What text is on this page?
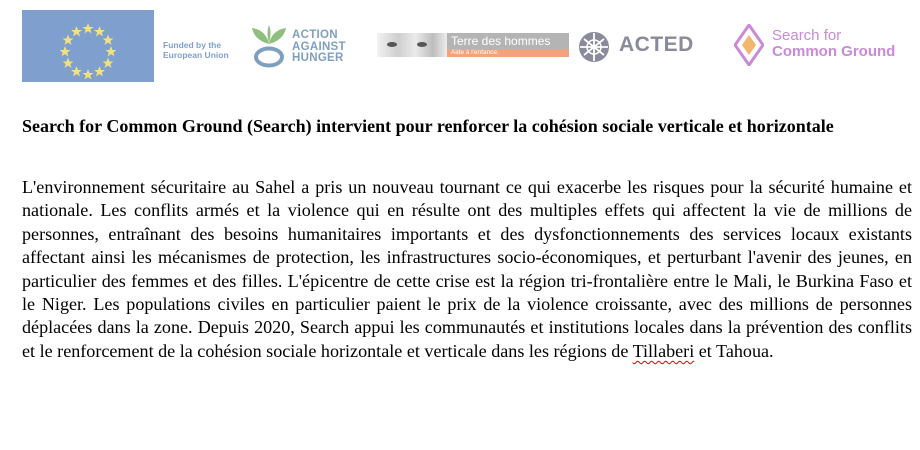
Funded by the European Union
ACTION
AGAINST
HUNGER
Terre des hommes
Aide à l'enfance.	ACTED	Search for
Common Ground
Search for Common Ground (Search) intervient pour renforcer la cohésion sociale verticale et horizontale

L'environnement sécuritaire au Sahel a pris un nouveau tournant ce qui exacerbe les risques pour la sécurité humaine et nationale. Les conflits armés et la violence qui en résulte ont des multiples effets qui affectent la vie de millions de personnes, entraînant des besoins humanitaires importants et des dysfonctionnements des services locaux existants affectant ainsi les mécanismes de protection, les infrastructures socio-économiques, et perturbant l'avenir des jeunes, en particulier des femmes et des filles. L'épicentre de cette crise est la région tri-frontalière entre le Mali, le Burkina Faso et le Niger. Les populations civiles en particulier paient le prix de la violence croissante, avec des millions de personnes déplacées dans la zone. Depuis 2020, Search appui les communautés et institutions locales dans la prévention des conflits et le renforcement de la cohésion sociale horizontale et verticale dans les régions de Tillaberi et Tahoua.
